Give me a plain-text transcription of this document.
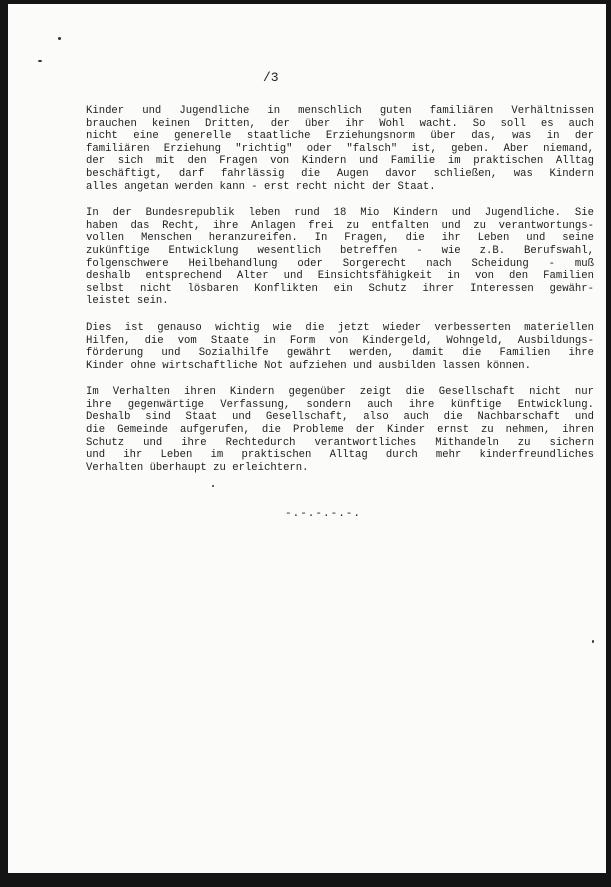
/3

Kinder und Jugendliche in menschlich guten familiären Verhältnissen
brauchen keinen Dritten, der über ihr Wohl wacht. So soll es auch
nicht eine generelle staatliche Erziehungsnorm über das, was in der
familiären Erziehung "richtig" oder "falsch" ist, geben. Aber niemand,
der sich mit den Fragen von Kindern und Familie im praktischen Alltag
beschäftigt, darf fahrlässig die Augen davor schließen, was Kindern
alles angetan werden kann - erst recht nicht der Staat.

In der Bundesrepublik leben rund 18 Mio Kindern und Jugendliche. Sie
haben das Recht, ihre Anlagen frei zu entfalten und zu verantwortungs-
vollen Menschen heranzureifen. In Fragen, die ihr Leben und seine
zukünftige Entwicklung wesentlich betreffen - wie z.B. Berufswahl,
folgenschwere Heilbehandlung oder Sorgerecht nach Scheidung - muß
deshalb entsprechend Alter und Einsichtsfähigkeit in von den Familien
selbst nicht lösbaren Konflikten ein Schutz ihrer Interessen gewähr-
leistet sein.

Dies ist genauso wichtig wie die jetzt wieder verbesserten materiellen
Hilfen, die vom Staate in Form von Kindergeld, Wohngeld, Ausbildungs-
förderung und Sozialhilfe gewährt werden, damit die Familien ihre
Kinder ohne wirtschaftliche Not aufziehen und ausbilden lassen können.

Im Verhalten ihren Kindern gegenüber zeigt die Gesellschaft nicht nur
ihre gegenwärtige Verfassung, sondern auch ihre künftige Entwicklung.
Deshalb sind Staat und Gesellschaft, also auch die Nachbarschaft und
die Gemeinde aufgerufen, die Probleme der Kinder ernst zu nehmen, ihren
Schutz und ihre Rechtedurch verantwortliches Mithandeln zu sichern
und ihr Leben im praktischen Alltag durch mehr kinderfreundliches
Verhalten überhaupt zu erleichtern.

-.-.-.-.-.
